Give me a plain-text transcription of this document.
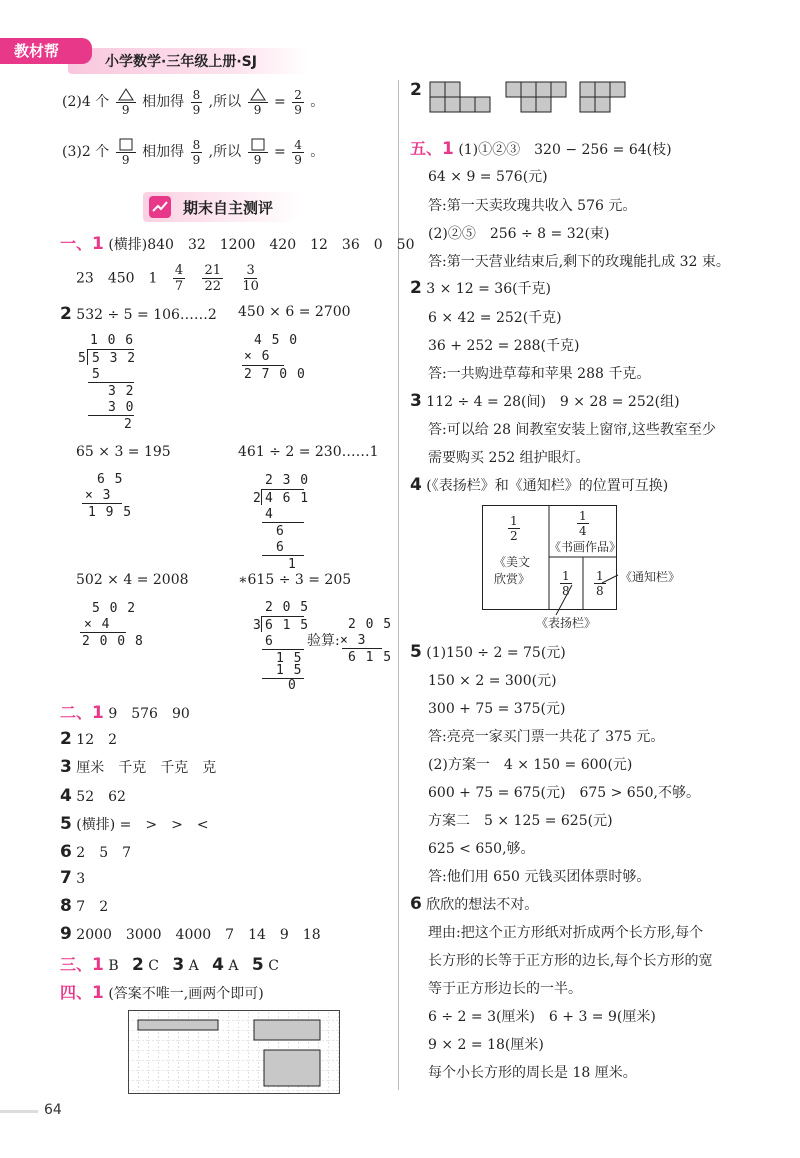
教材帮
小学数学·三年级上册·SJ
(2)4 个 9 相加得 $\frac{8}{9}$ ,所以 $9 = \frac{2}{9}$ 。
(3)2 个 9 相加得 $\frac{8}{9}$ ,所以 $9 = \frac{4}{9}$ 。
期末自主测评
一、1 (横排)840　32　1200　420　12　36　0　50
23　450　$1 \frac{4}{7}$
$\frac{21}{22}$
$\frac{3}{10}$
2 532 ÷ 5 = 106……2 450 × 6 = 2700
1 0 6
5 5 3 2
5
3 2
3 0
2
4 5 0
× 6
2 7 0 0
65 × 3 = 195	461 ÷ 2 = 230……1
6 5
× 3
1 9 5
2 3 0
2 4 6 1
4
6
6
1
502 × 4 = 2008	∗615 ÷ 3 = 205
5 0 2
× 4
2 0 0 8
2 0 5
3 6 1 5
6
1 5
1 5
0
验算:
2 0 5
× 3
6 1 5
二、1 9　576　90
2 12　2
3 厘米　千克　千克　克
4 52　62
5 (横排) =　>　>　<
6 2　5　7
7 3
8 7　2
9 2000　3000　4000　7　14　9　18
三、1 B 2 C 3 A 4 A 5 C
四、1 (答案不唯一,画两个即可)
2
五、1 (1)①②③　320 − 256 = 64(枝)
64 × 9 = 576(元)
答:第一天卖玫瑰共收入 576 元。
(2)②⑤　256 ÷ 8 = 32(束)
答:第一天营业结束后,剩下的玫瑰能扎成 32 束。
2 3 × 12 = 36(千克)
6 × 42 = 252(千克)
36 + 252 = 288(千克)
答:一共购进草莓和苹果 288 千克。
3 112 ÷ 4 = 28(间)　9 × 28 = 252(组)
答:可以给 28 间教室安装上窗帘,这些教室至少
需要购买 252 组护眼灯。
4 (《表扬栏》和《通知栏》的位置可互换)
$\frac{1}{2}$
《美文
欣赏》
$\frac{1}{4}$
《书画作品》
$\frac{1}{8} \frac{1}{8}$ 《通知栏》
《表扬栏》
5 (1)150 ÷ 2 = 75(元)
150 × 2 = 300(元)
300 + 75 = 375(元)
答:亮亮一家买门票一共花了 375 元。
(2)方案一　4 × 150 = 600(元)
600 + 75 = 675(元)　675 > 650,不够。
方案二　5 × 125 = 625(元)
625 < 650,够。
答:他们用 650 元钱买团体票时够。
6 欣欣的想法不对。
理由:把这个正方形纸对折成两个长方形,每个
长方形的长等于正方形的边长,每个长方形的宽
等于正方形边长的一半。
6 ÷ 2 = 3(厘米)　6 + 3 = 9(厘米)
9 × 2 = 18(厘米)
每个小长方形的周长是 18 厘米。
64
